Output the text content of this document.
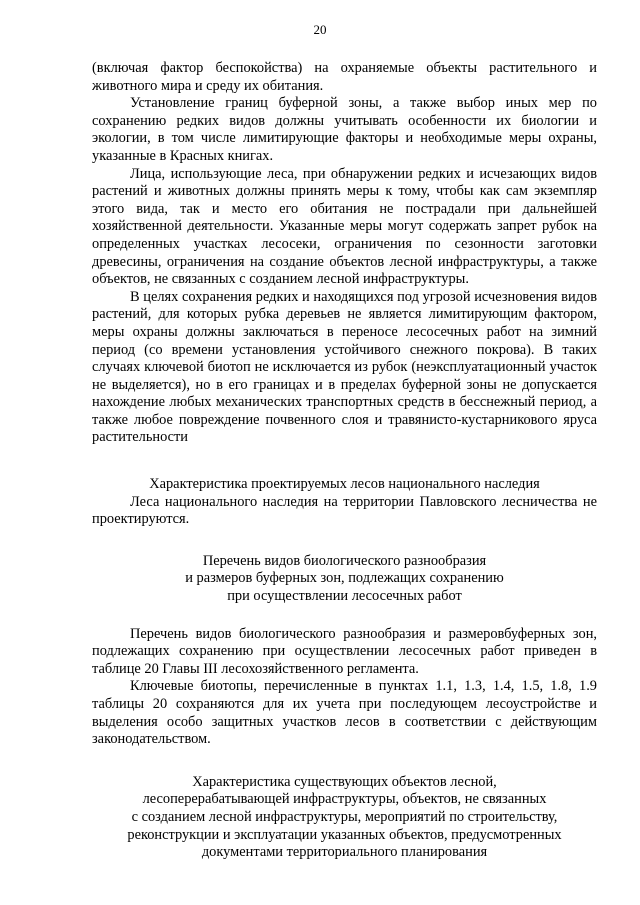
20

(включая фактор беспокойства) на охраняемые объекты растительного и животного мира и среду их обитания.

Установление границ буферной зоны, а также выбор иных мер по сохранению редких видов должны учитывать особенности их биологии и экологии, в том числе лимитирующие факторы и необходимые меры охраны, указанные в Красных книгах.

Лица, использующие леса, при обнаружении редких и исчезающих видов растений и животных должны принять меры к тому, чтобы как сам экземпляр этого вида, так и место его обитания не пострадали при дальнейшей хозяйственной деятельности. Указанные меры могут содержать запрет рубок на определенных участках лесосеки, ограничения по сезонности заготовки древесины, ограничения на создание объектов лесной инфраструктуры, а также объектов, не связанных с созданием лесной инфраструктуры.

В целях сохранения редких и находящихся под угрозой исчезновения видов растений, для которых рубка деревьев не является лимитирующим фактором, меры охраны должны заключаться в переносе лесосечных работ на зимний период (со времени установления устойчивого снежного покрова). В таких случаях ключевой биотоп не исключается из рубок (неэксплуатационный участок не выделяется), но в его границах и в пределах буферной зоны не допускается нахождение любых механических транспортных средств в бесснежный период, а также любое повреждение почвенного слоя и травянисто-кустарникового яруса растительности

Характеристика проектируемых лесов национального наследия

Леса национального наследия на территории Павловского лесничества не проектируются.

Перечень видов биологического разнообразия
и размеров буферных зон, подлежащих сохранению
при осуществлении лесосечных работ

Перечень видов биологического разнообразия и размеровбуферных зон, подлежащих сохранению при осуществлении лесосечных работ приведен в таблице 20 Главы III лесохозяйственного регламента.

Ключевые биотопы, перечисленные в пунктах 1.1, 1.3, 1.4, 1.5, 1.8, 1.9 таблицы 20 сохраняются для их учета при последующем лесоустройстве и выделения особо защитных участков лесов в соответствии с действующим законодательством.

Характеристика существующих объектов лесной,
лесоперерабатывающей инфраструктуры, объектов, не связанных
с созданием лесной инфраструктуры, мероприятий по строительству,
реконструкции и эксплуатации указанных объектов, предусмотренных
документами территориального планирования
